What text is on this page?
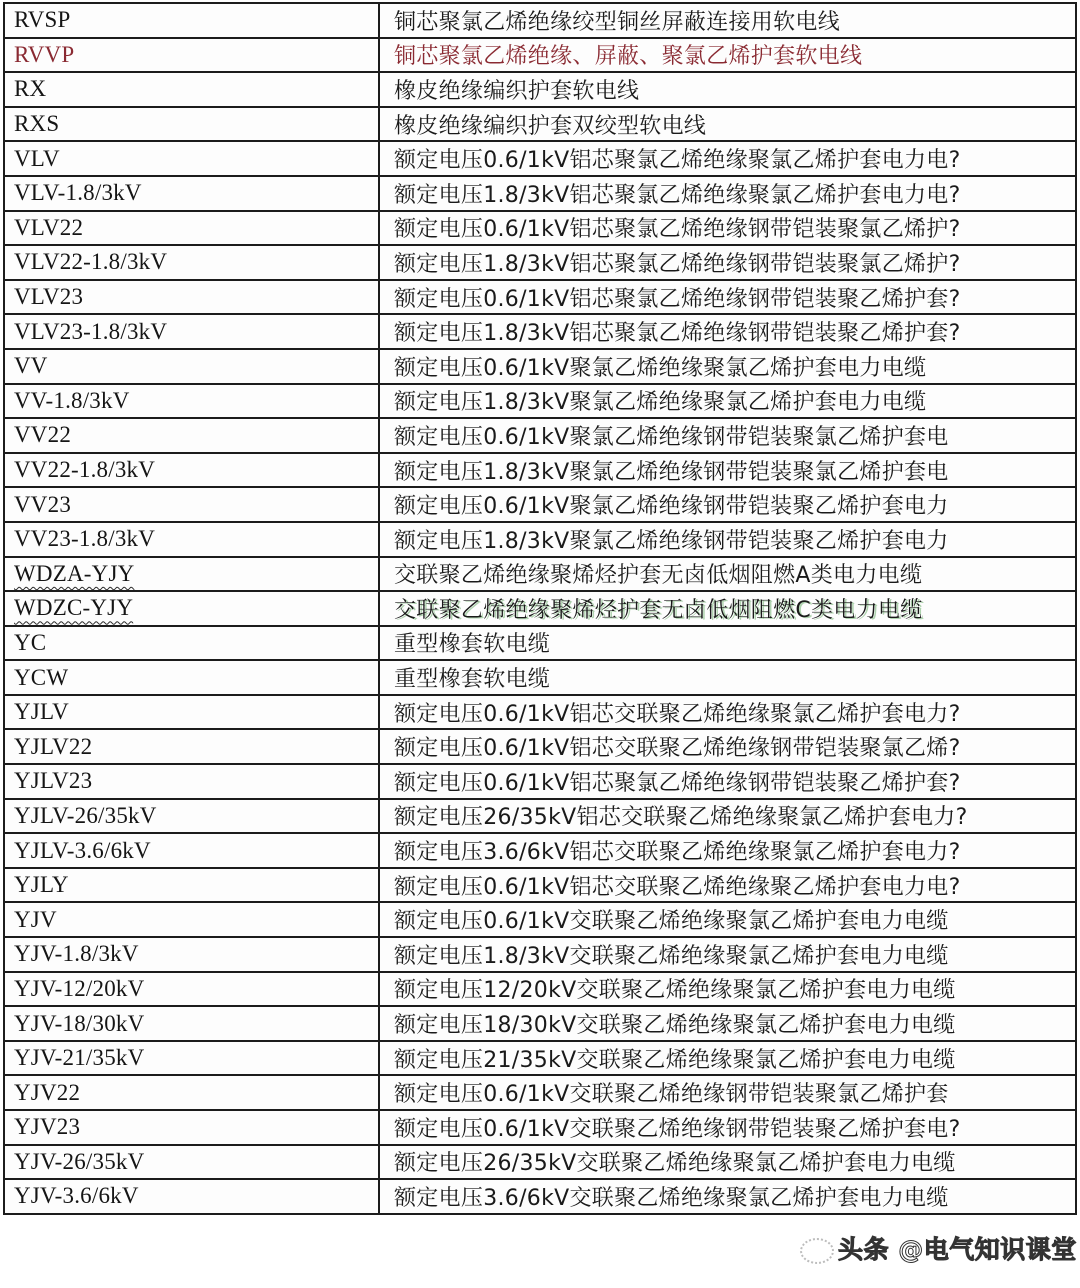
RVSP	铜芯聚氯乙烯绝缘绞型铜丝屏蔽连接用软电线
RVVP	铜芯聚氯乙烯绝缘、屏蔽、聚氯乙烯护套软电线
RX	橡皮绝缘编织护套软电线
RXS	橡皮绝缘编织护套双绞型软电线
VLV	额定电压0.6/1kV铝芯聚氯乙烯绝缘聚氯乙烯护套电力电?
VLV-1.8/3kV	额定电压1.8/3kV铝芯聚氯乙烯绝缘聚氯乙烯护套电力电?
VLV22	额定电压0.6/1kV铝芯聚氯乙烯绝缘钢带铠装聚氯乙烯护?
VLV22-1.8/3kV	额定电压1.8/3kV铝芯聚氯乙烯绝缘钢带铠装聚氯乙烯护?
VLV23	额定电压0.6/1kV铝芯聚氯乙烯绝缘钢带铠装聚乙烯护套?
VLV23-1.8/3kV	额定电压1.8/3kV铝芯聚氯乙烯绝缘钢带铠装聚乙烯护套?
VV	额定电压0.6/1kV聚氯乙烯绝缘聚氯乙烯护套电力电缆
VV-1.8/3kV	额定电压1.8/3kV聚氯乙烯绝缘聚氯乙烯护套电力电缆
VV22	额定电压0.6/1kV聚氯乙烯绝缘钢带铠装聚氯乙烯护套电
VV22-1.8/3kV	额定电压1.8/3kV聚氯乙烯绝缘钢带铠装聚氯乙烯护套电
VV23	额定电压0.6/1kV聚氯乙烯绝缘钢带铠装聚乙烯护套电力
VV23-1.8/3kV	额定电压1.8/3kV聚氯乙烯绝缘钢带铠装聚乙烯护套电力
WDZA-YJY	交联聚乙烯绝缘聚烯烃护套无卤低烟阻燃A类电力电缆
WDZC-YJY	交联聚乙烯绝缘聚烯烃护套无卤低烟阻燃C类电力电缆
YC	重型橡套软电缆
YCW	重型橡套软电缆
YJLV	额定电压0.6/1kV铝芯交联聚乙烯绝缘聚氯乙烯护套电力?
YJLV22	额定电压0.6/1kV铝芯交联聚乙烯绝缘钢带铠装聚氯乙烯?
YJLV23	额定电压0.6/1kV铝芯聚氯乙烯绝缘钢带铠装聚乙烯护套?
YJLV-26/35kV	额定电压26/35kV铝芯交联聚乙烯绝缘聚氯乙烯护套电力?
YJLV-3.6/6kV	额定电压3.6/6kV铝芯交联聚乙烯绝缘聚氯乙烯护套电力?
YJLY	额定电压0.6/1kV铝芯交联聚乙烯绝缘聚乙烯护套电力电?
YJV	额定电压0.6/1kV交联聚乙烯绝缘聚氯乙烯护套电力电缆
YJV-1.8/3kV	额定电压1.8/3kV交联聚乙烯绝缘聚氯乙烯护套电力电缆
YJV-12/20kV	额定电压12/20kV交联聚乙烯绝缘聚氯乙烯护套电力电缆
YJV-18/30kV	额定电压18/30kV交联聚乙烯绝缘聚氯乙烯护套电力电缆
YJV-21/35kV	额定电压21/35kV交联聚乙烯绝缘聚氯乙烯护套电力电缆
YJV22	额定电压0.6/1kV交联聚乙烯绝缘钢带铠装聚氯乙烯护套
YJV23	额定电压0.6/1kV交联聚乙烯绝缘钢带铠装聚乙烯护套电?
YJV-26/35kV	额定电压26/35kV交联聚乙烯绝缘聚氯乙烯护套电力电缆
YJV-3.6/6kV	额定电压3.6/6kV交联聚乙烯绝缘聚氯乙烯护套电力电缆
头条 @电气知识课堂
